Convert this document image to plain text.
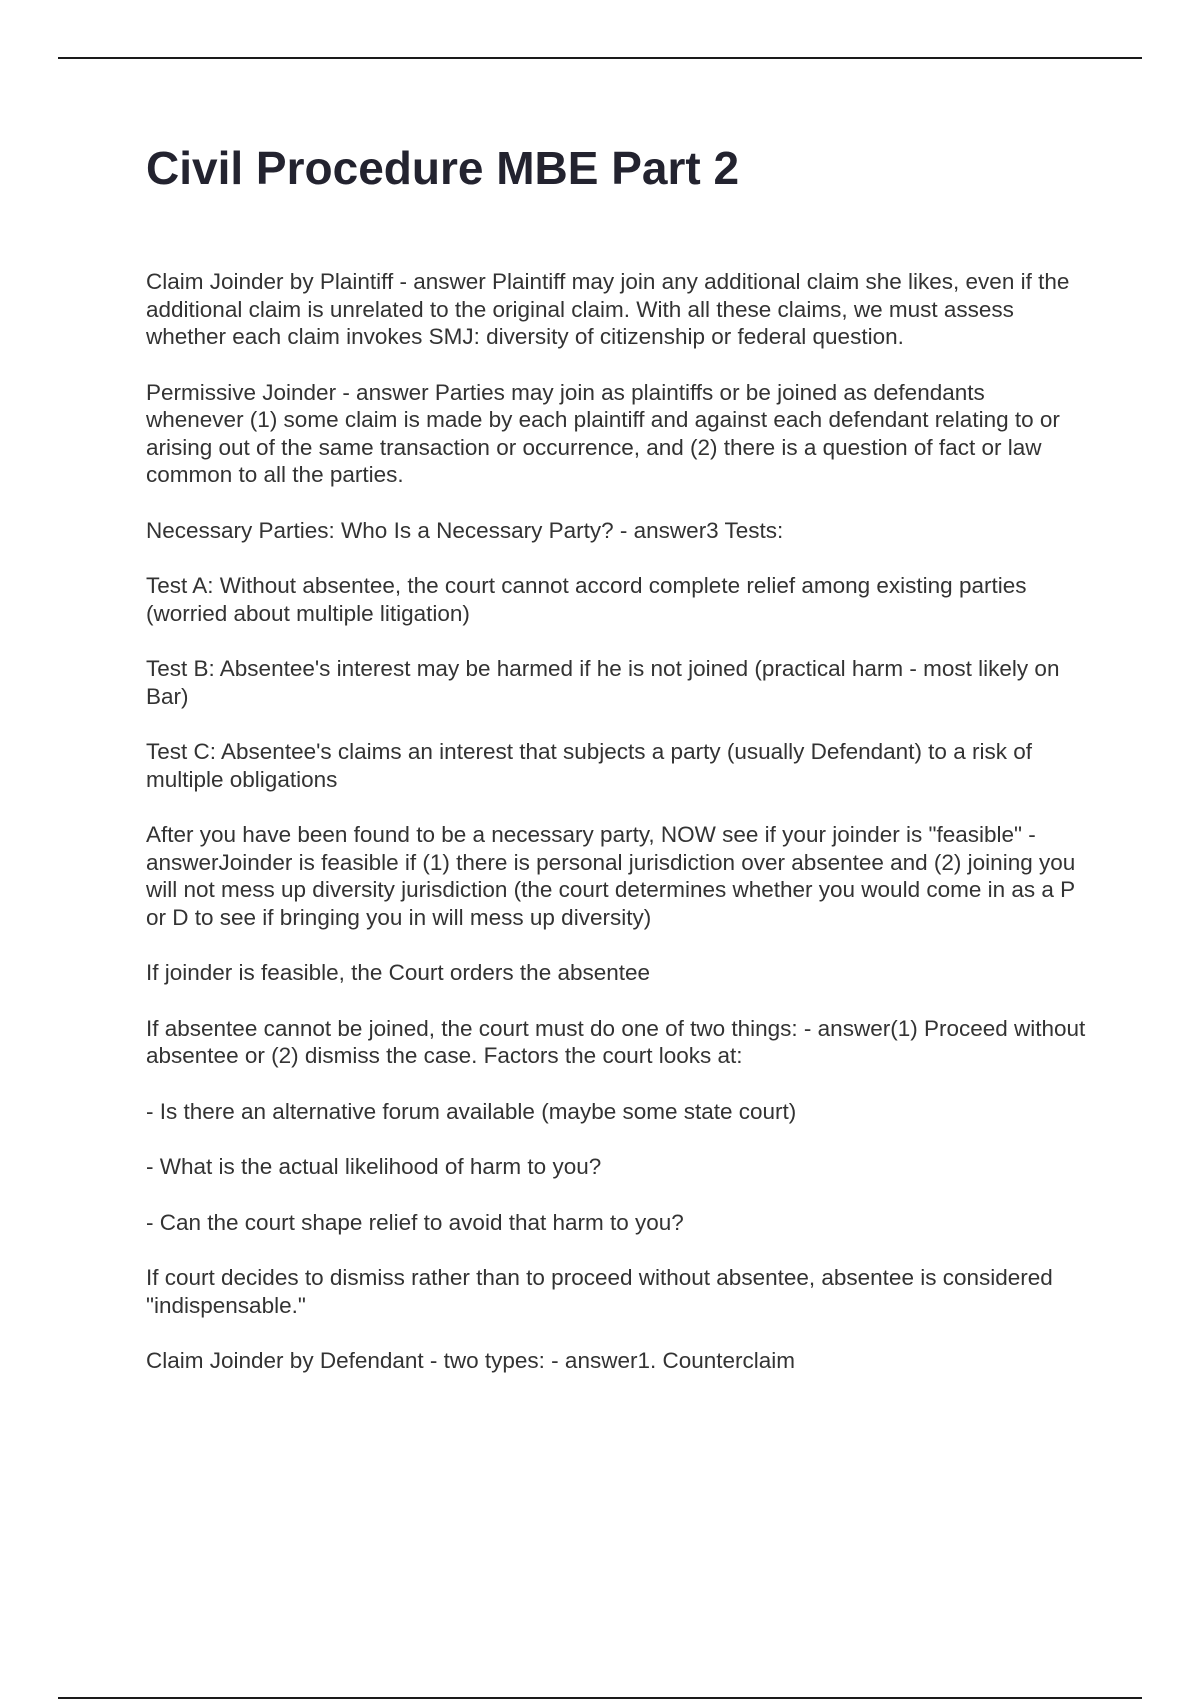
Civil Procedure MBE Part 2

Claim Joinder by Plaintiff - answer Plaintiff may join any additional claim she likes, even if the additional claim is unrelated to the original claim. With all these claims, we must assess whether each claim invokes SMJ: diversity of citizenship or federal question.

Permissive Joinder - answer Parties may join as plaintiffs or be joined as defendants whenever (1) some claim is made by each plaintiff and against each defendant relating to or arising out of the same transaction or occurrence, and (2) there is a question of fact or law common to all the parties.

Necessary Parties: Who Is a Necessary Party? - answer3 Tests:

Test A: Without absentee, the court cannot accord complete relief among existing parties (worried about multiple litigation)

Test B: Absentee's interest may be harmed if he is not joined (practical harm - most likely on Bar)

Test C: Absentee's claims an interest that subjects a party (usually Defendant) to a risk of multiple obligations

After you have been found to be a necessary party, NOW see if your joinder is "feasible" - answerJoinder is feasible if (1) there is personal jurisdiction over absentee and (2) joining you will not mess up diversity jurisdiction (the court determines whether you would come in as a P or D to see if bringing you in will mess up diversity)

If joinder is feasible, the Court orders the absentee

If absentee cannot be joined, the court must do one of two things: - answer(1) Proceed without absentee or (2) dismiss the case. Factors the court looks at:

- Is there an alternative forum available (maybe some state court)

- What is the actual likelihood of harm to you?

- Can the court shape relief to avoid that harm to you?

If court decides to dismiss rather than to proceed without absentee, absentee is considered "indispensable."

Claim Joinder by Defendant - two types: - answer1. Counterclaim
